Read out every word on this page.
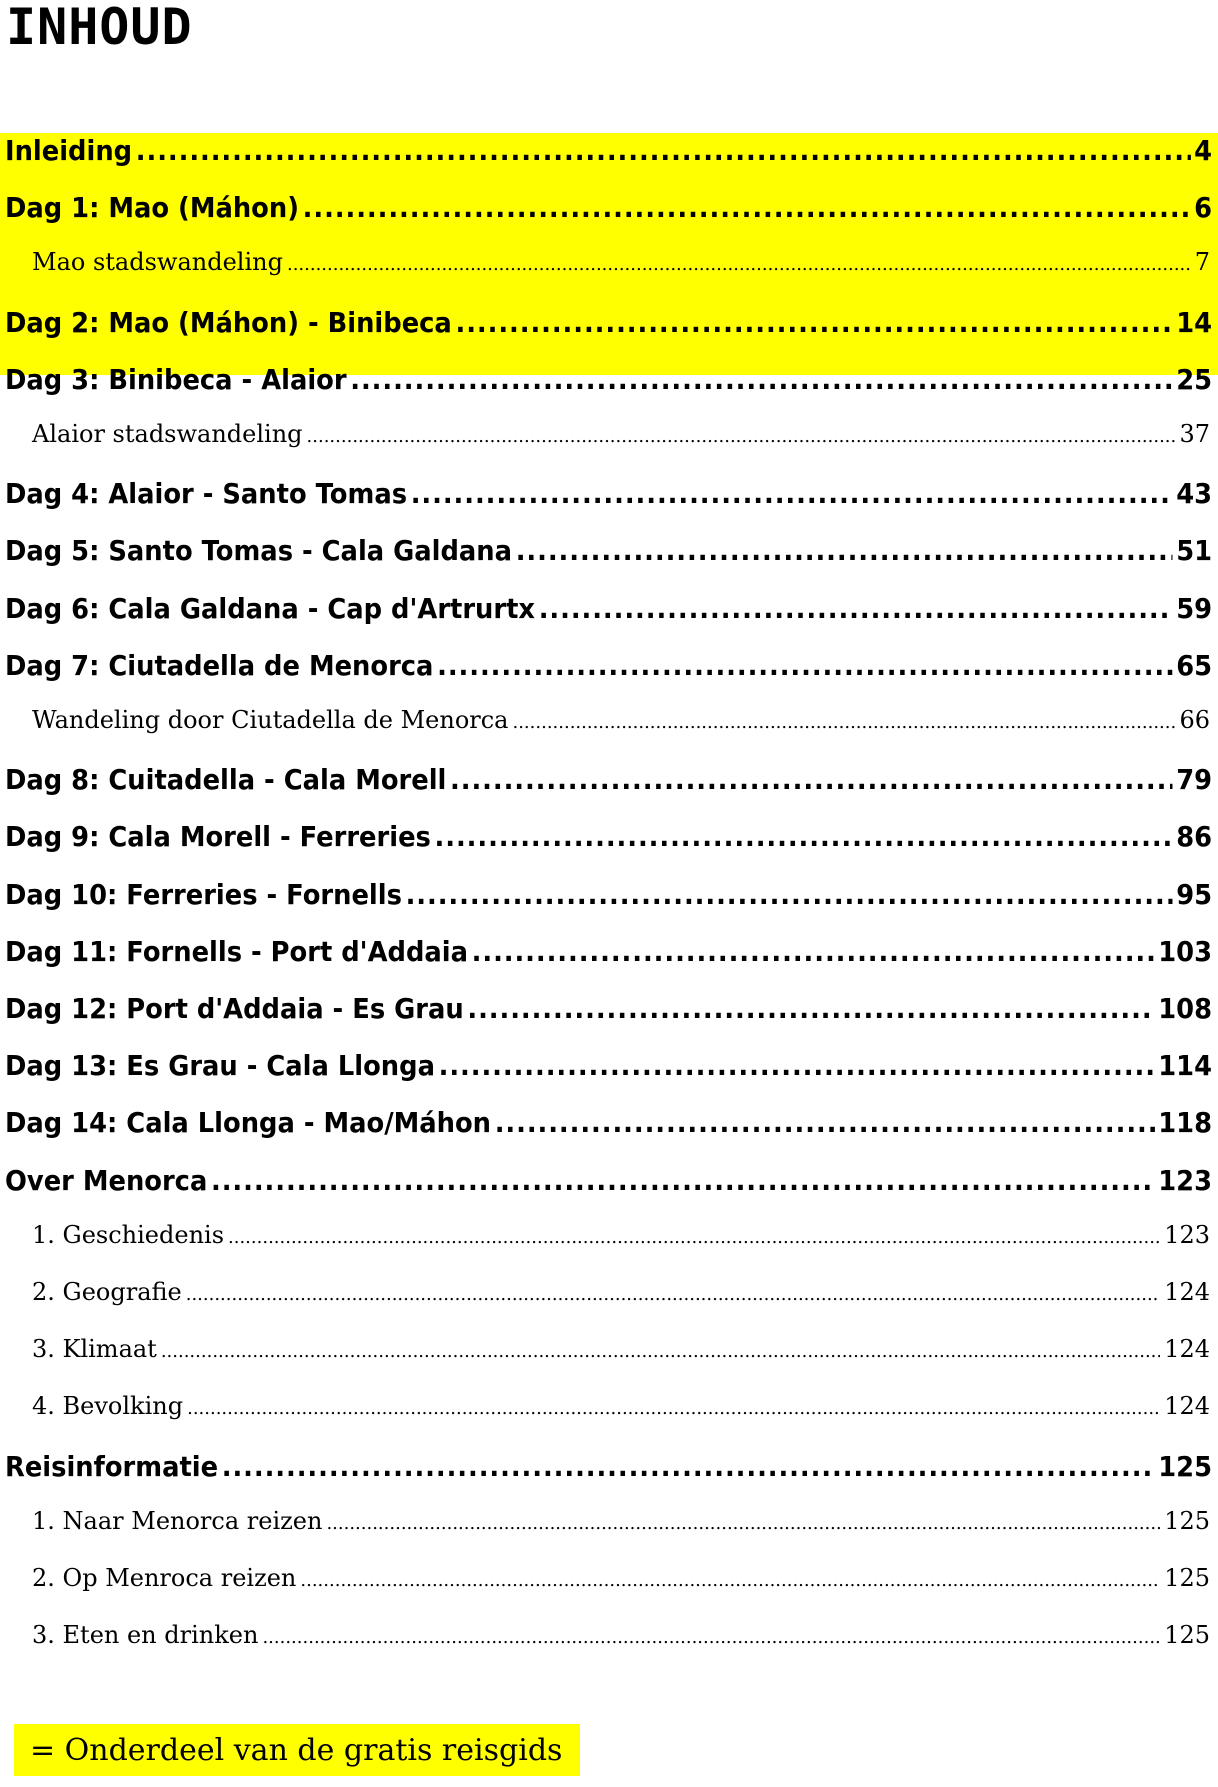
INHOUD
Inleiding .....	4
Dag 1: Mao (Máhon) .....	6
Mao stadswandeling .....	7
Dag 2: Mao (Máhon) - Binibeca .....	14
Dag 3: Binibeca - Alaior .....	25
Alaior stadswandeling .....	37
Dag 4: Alaior - Santo Tomas .....	43
Dag 5: Santo Tomas - Cala Galdana .....	51
Dag 6: Cala Galdana - Cap d'Artrurtx .....	59
Dag 7: Ciutadella de Menorca .....	65
Wandeling door Ciutadella de Menorca .....	66
Dag 8: Cuitadella - Cala Morell .....	79
Dag 9: Cala Morell - Ferreries .....	86
Dag 10: Ferreries - Fornells .....	95
Dag 11: Fornells - Port d'Addaia .....	103
Dag 12: Port d'Addaia - Es Grau .....	108
Dag 13: Es Grau - Cala Llonga .....	114
Dag 14: Cala Llonga - Mao/Máhon .....	118
Over Menorca .....	123
1. Geschiedenis .....	123
2. Geografie .....	124
3. Klimaat .....	124
4. Bevolking .....	124
Reisinformatie .....	125
1. Naar Menorca reizen .....	125
2. Op Menroca reizen .....	125
3. Eten en drinken .....	125
= Onderdeel van de gratis reisgids
